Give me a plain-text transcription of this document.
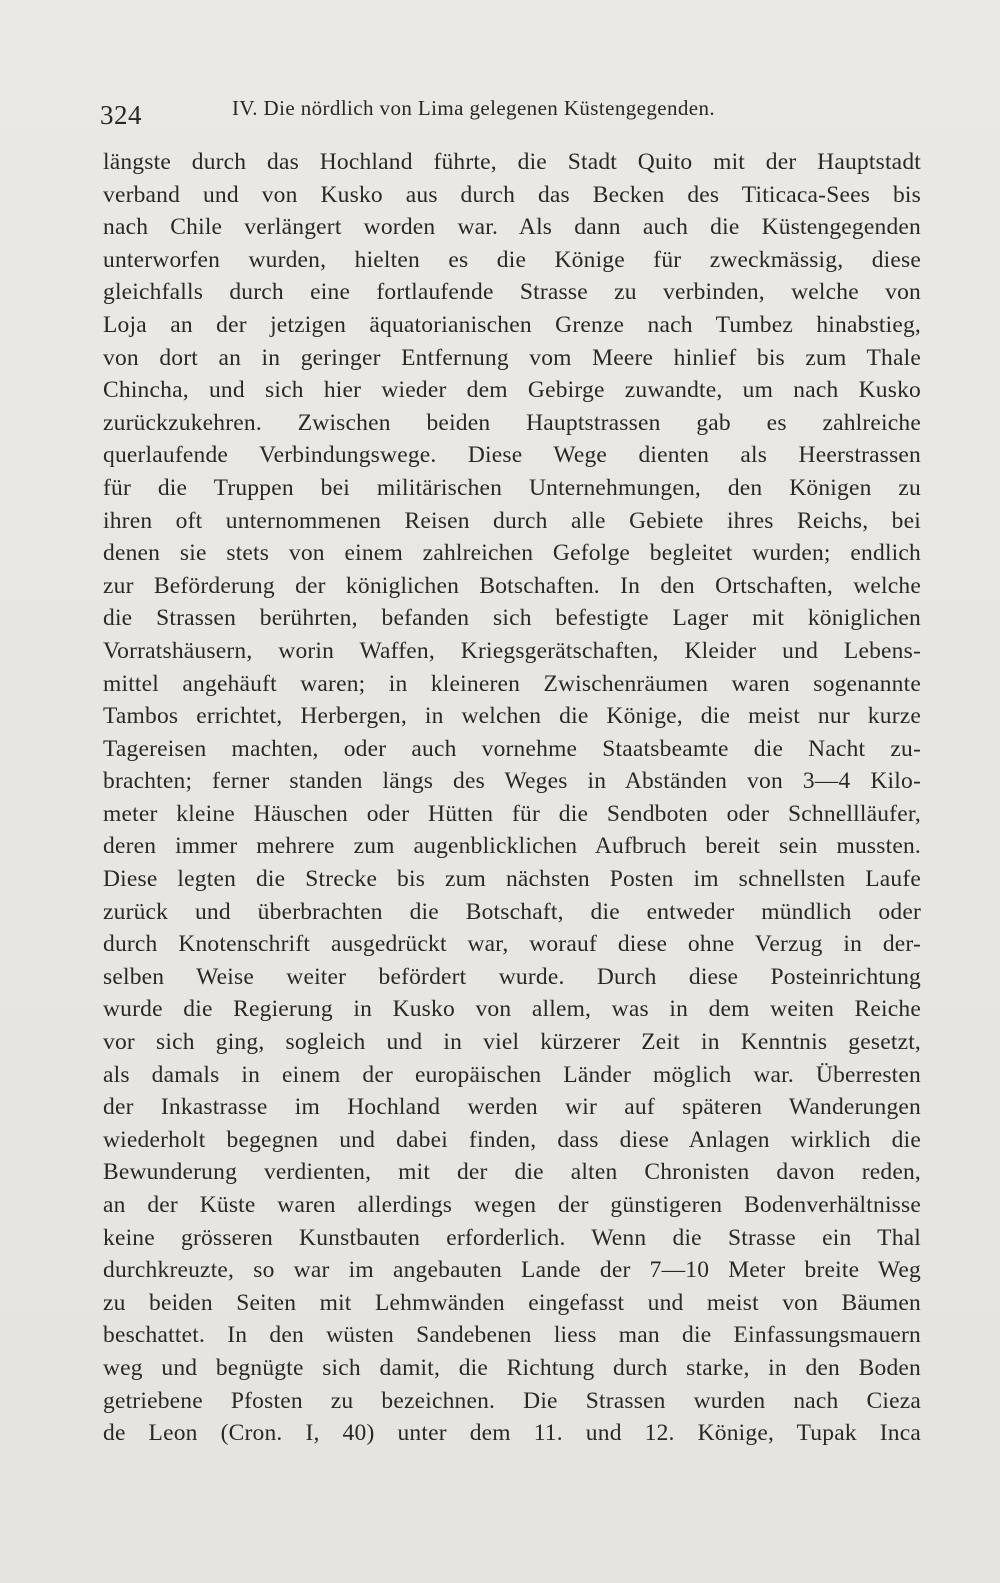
324	IV. Die nördlich von Lima gelegenen Küstengegenden.
längste durch das Hochland führte, die Stadt Quito mit der Hauptstadt
verband und von Kusko aus durch das Becken des Titicaca-Sees bis
nach Chile verlängert worden war. Als dann auch die Küstengegenden
unterworfen wurden, hielten es die Könige für zweckmässig, diese
gleichfalls durch eine fortlaufende Strasse zu verbinden, welche von
Loja an der jetzigen äquatorianischen Grenze nach Tumbez hinabstieg,
von dort an in geringer Entfernung vom Meere hinlief bis zum Thale
Chincha, und sich hier wieder dem Gebirge zuwandte, um nach Kusko
zurückzukehren. Zwischen beiden Hauptstrassen gab es zahlreiche
querlaufende Verbindungswege. Diese Wege dienten als Heerstrassen
für die Truppen bei militärischen Unternehmungen, den Königen zu
ihren oft unternommenen Reisen durch alle Gebiete ihres Reichs, bei
denen sie stets von einem zahlreichen Gefolge begleitet wurden; endlich
zur Beförderung der königlichen Botschaften. In den Ortschaften, welche
die Strassen berührten, befanden sich befestigte Lager mit königlichen
Vorratshäusern, worin Waffen, Kriegsgerätschaften, Kleider und Lebens-
mittel angehäuft waren; in kleineren Zwischenräumen waren sogenannte
Tambos errichtet, Herbergen, in welchen die Könige, die meist nur kurze
Tagereisen machten, oder auch vornehme Staatsbeamte die Nacht zu-
brachten; ferner standen längs des Weges in Abständen von 3—4 Kilo-
meter kleine Häuschen oder Hütten für die Sendboten oder Schnellläufer,
deren immer mehrere zum augenblicklichen Aufbruch bereit sein mussten.
Diese legten die Strecke bis zum nächsten Posten im schnellsten Laufe
zurück und überbrachten die Botschaft, die entweder mündlich oder
durch Knotenschrift ausgedrückt war, worauf diese ohne Verzug in der-
selben Weise weiter befördert wurde. Durch diese Posteinrichtung
wurde die Regierung in Kusko von allem, was in dem weiten Reiche
vor sich ging, sogleich und in viel kürzerer Zeit in Kenntnis gesetzt,
als damals in einem der europäischen Länder möglich war. Überresten
der Inkastrasse im Hochland werden wir auf späteren Wanderungen
wiederholt begegnen und dabei finden, dass diese Anlagen wirklich die
Bewunderung verdienten, mit der die alten Chronisten davon reden,
an der Küste waren allerdings wegen der günstigeren Bodenverhältnisse
keine grösseren Kunstbauten erforderlich. Wenn die Strasse ein Thal
durchkreuzte, so war im angebauten Lande der 7—10 Meter breite Weg
zu beiden Seiten mit Lehmwänden eingefasst und meist von Bäumen
beschattet. In den wüsten Sandebenen liess man die Einfassungsmauern
weg und begnügte sich damit, die Richtung durch starke, in den Boden
getriebene Pfosten zu bezeichnen. Die Strassen wurden nach Cieza
de Leon (Cron. I, 40) unter dem 11. und 12. Könige, Tupak Inca
